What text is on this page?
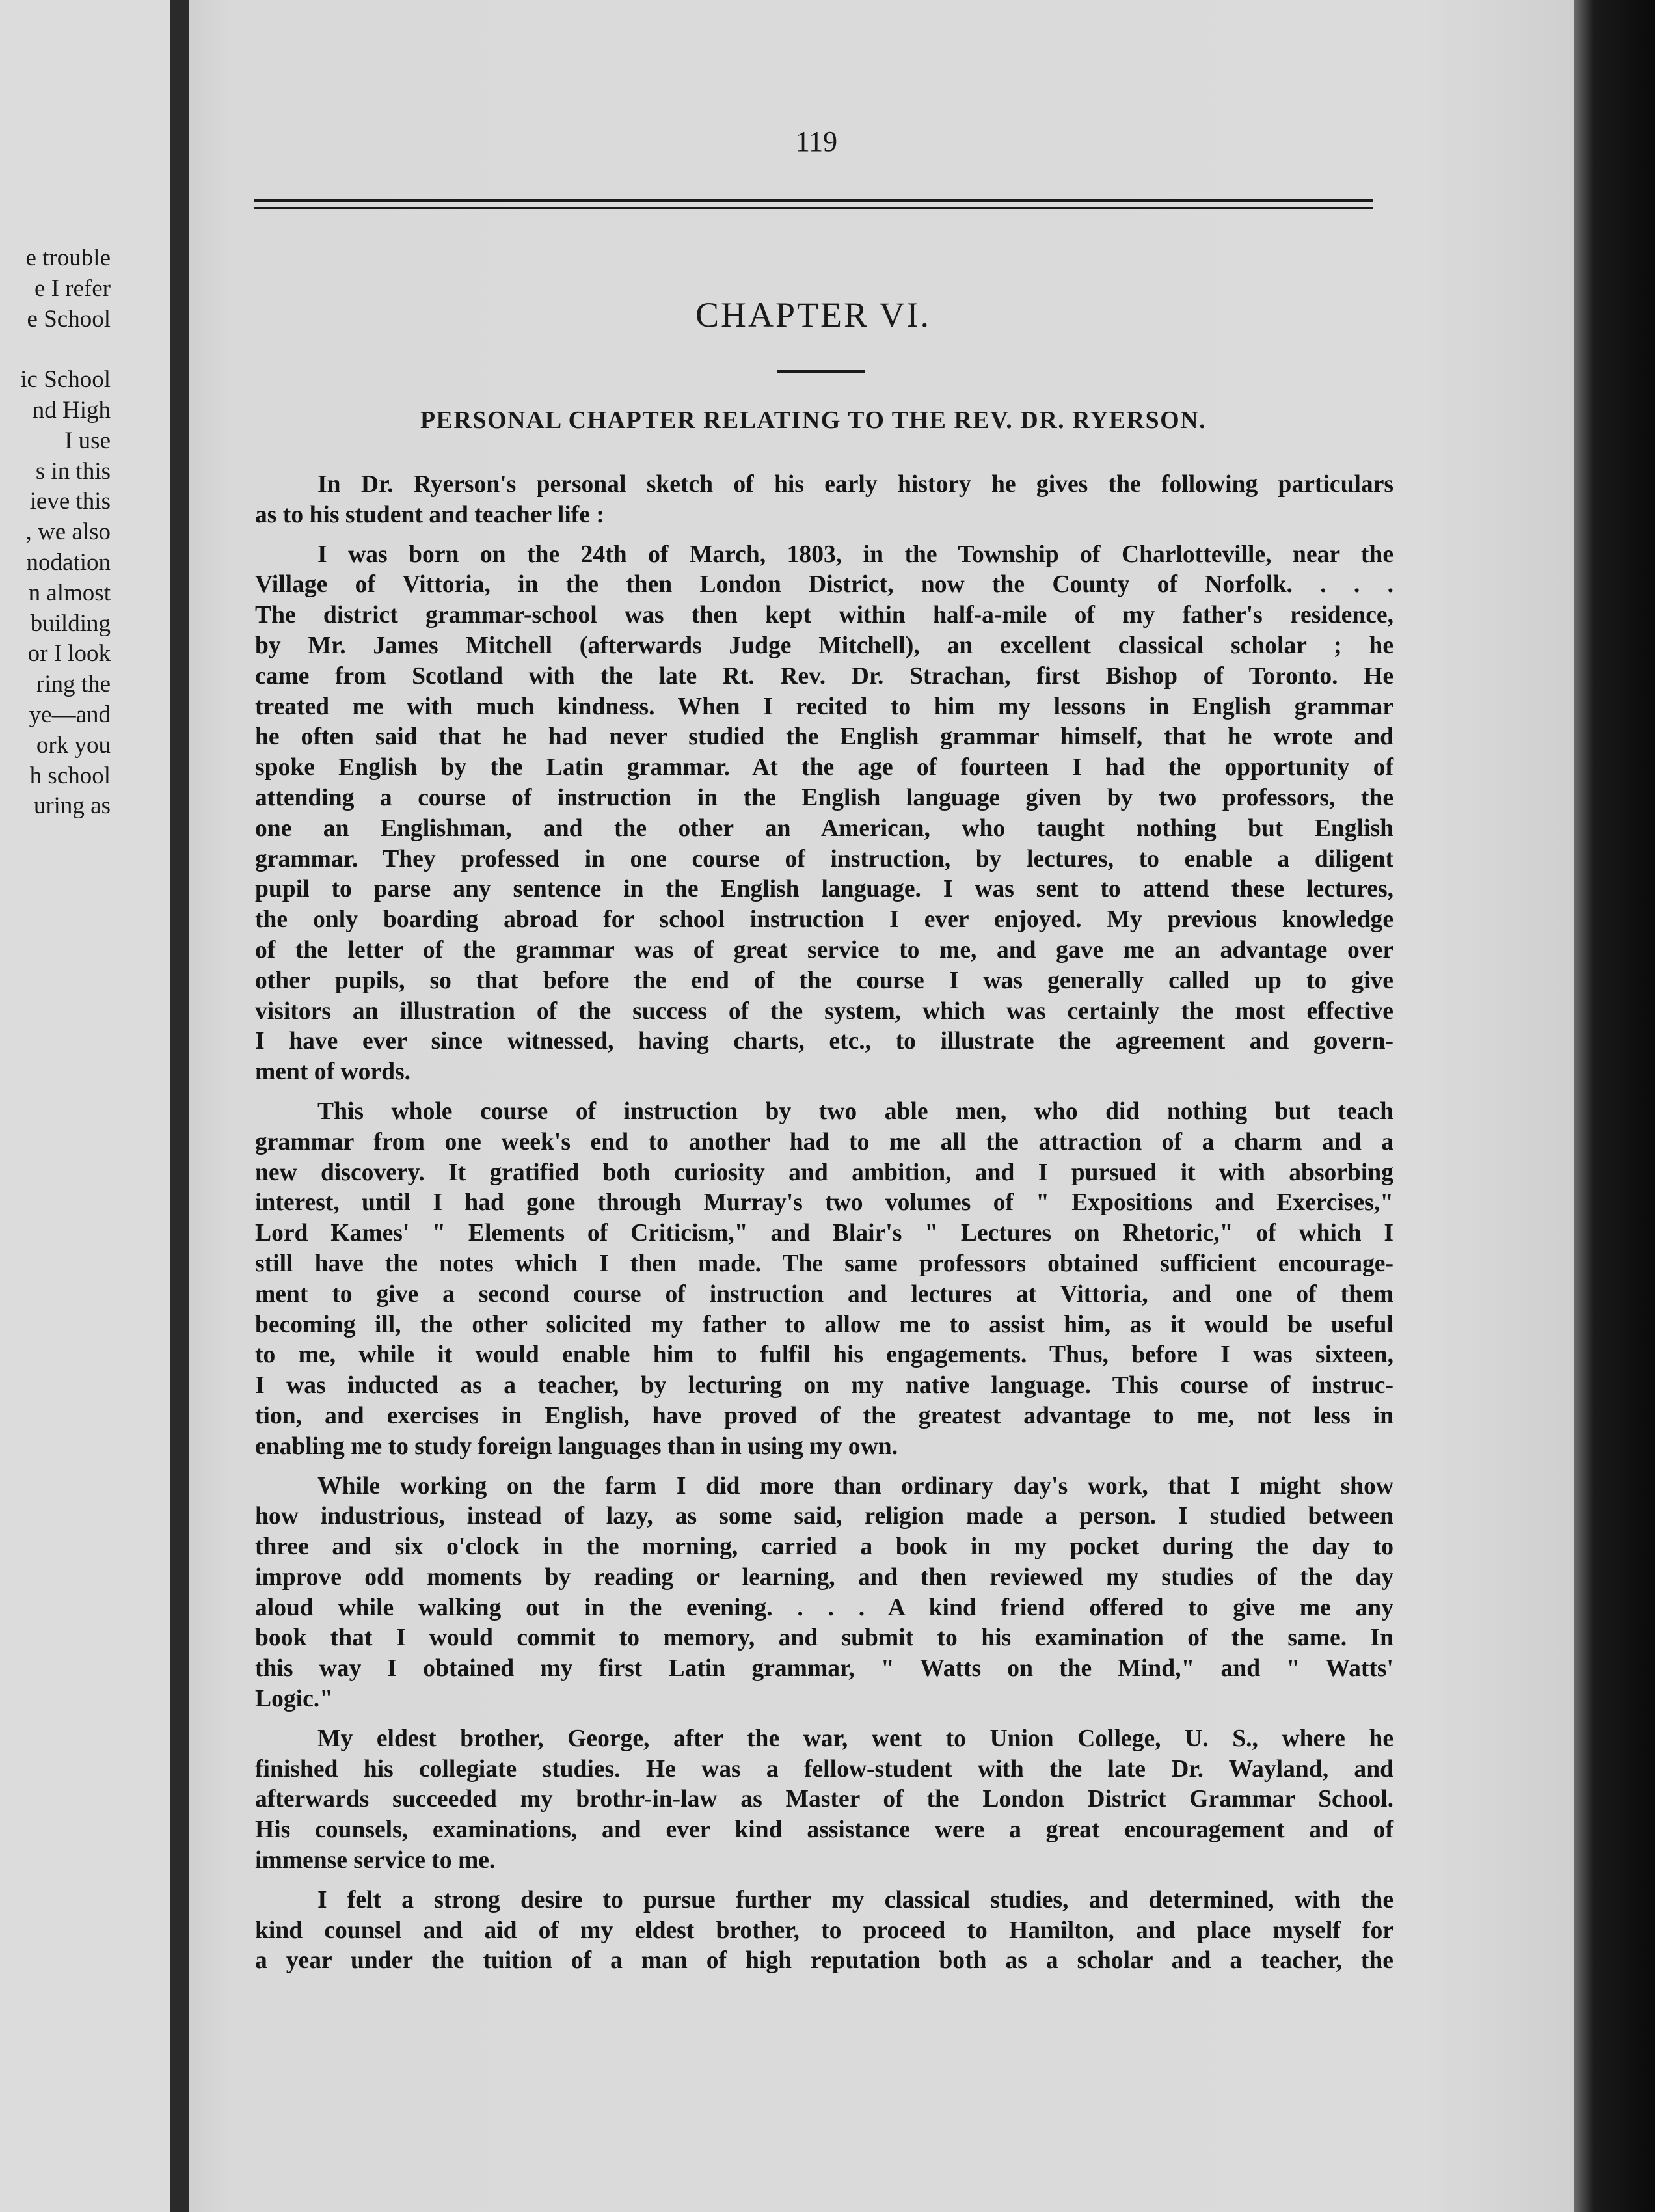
e trouble
e I refer
e School
ic School
nd High
I use
s in this
ieve this
, we also
nodation
n almost
building
or I look
ring the
ye—and
ork you
h school
uring as
119
CHAPTER VI.
PERSONAL CHAPTER RELATING TO THE REV. DR. RYERSON.
In Dr. Ryerson's personal sketch of his early history he gives the following particulars
as to his student and teacher life :
I was born on the 24th of March, 1803, in the Township of Charlotteville, near the
Village of Vittoria, in the then London District, now the County of Norfolk. . . .
The district grammar-school was then kept within half-a-mile of my father's residence,
by Mr. James Mitchell (afterwards Judge Mitchell), an excellent classical scholar ; he
came from Scotland with the late Rt. Rev. Dr. Strachan, first Bishop of Toronto. He
treated me with much kindness. When I recited to him my lessons in English grammar
he often said that he had never studied the English grammar himself, that he wrote and
spoke English by the Latin grammar. At the age of fourteen I had the opportunity of
attending a course of instruction in the English language given by two professors, the
one an Englishman, and the other an American, who taught nothing but English
grammar. They professed in one course of instruction, by lectures, to enable a diligent
pupil to parse any sentence in the English language. I was sent to attend these lectures,
the only boarding abroad for school instruction I ever enjoyed. My previous knowledge
of the letter of the grammar was of great service to me, and gave me an advantage over
other pupils, so that before the end of the course I was generally called up to give
visitors an illustration of the success of the system, which was certainly the most effective
I have ever since witnessed, having charts, etc., to illustrate the agreement and govern-
ment of words.
This whole course of instruction by two able men, who did nothing but teach
grammar from one week's end to another had to me all the attraction of a charm and a
new discovery. It gratified both curiosity and ambition, and I pursued it with absorbing
interest, until I had gone through Murray's two volumes of " Expositions and Exercises,"
Lord Kames' " Elements of Criticism," and Blair's " Lectures on Rhetoric," of which I
still have the notes which I then made. The same professors obtained sufficient encourage-
ment to give a second course of instruction and lectures at Vittoria, and one of them
becoming ill, the other solicited my father to allow me to assist him, as it would be useful
to me, while it would enable him to fulfil his engagements. Thus, before I was sixteen,
I was inducted as a teacher, by lecturing on my native language. This course of instruc-
tion, and exercises in English, have proved of the greatest advantage to me, not less in
enabling me to study foreign languages than in using my own.
While working on the farm I did more than ordinary day's work, that I might show
how industrious, instead of lazy, as some said, religion made a person. I studied between
three and six o'clock in the morning, carried a book in my pocket during the day to
improve odd moments by reading or learning, and then reviewed my studies of the day
aloud while walking out in the evening. . . . A kind friend offered to give me any
book that I would commit to memory, and submit to his examination of the same. In
this way I obtained my first Latin grammar, " Watts on the Mind," and " Watts'
Logic."
My eldest brother, George, after the war, went to Union College, U. S., where he
finished his collegiate studies. He was a fellow-student with the late Dr. Wayland, and
afterwards succeeded my brothr-in-law as Master of the London District Grammar School.
His counsels, examinations, and ever kind assistance were a great encouragement and of
immense service to me.
I felt a strong desire to pursue further my classical studies, and determined, with the
kind counsel and aid of my eldest brother, to proceed to Hamilton, and place myself for
a year under the tuition of a man of high reputation both as a scholar and a teacher, the
